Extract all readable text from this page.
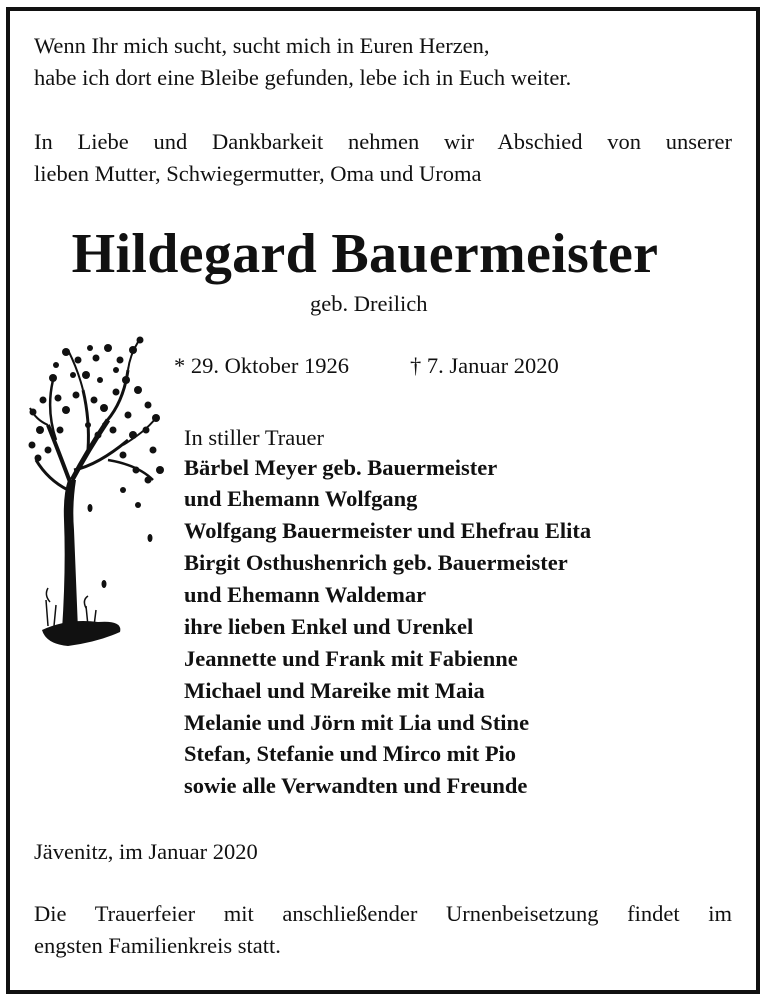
Wenn Ihr mich sucht, sucht mich in Euren Herzen,
habe ich dort eine Bleibe gefunden, lebe ich in Euch weiter.
In Liebe und Dankbarkeit nehmen wir Abschied von unserer
lieben Mutter, Schwiegermutter, Oma und Uroma
Hildegard Bauermeister
geb. Dreilich
* 29. Oktober 1926	† 7. Januar 2020
In stiller Trauer
Bärbel Meyer geb. Bauermeister
und Ehemann Wolfgang
Wolfgang Bauermeister und Ehefrau Elita
Birgit Osthushenrich geb. Bauermeister
und Ehemann Waldemar
ihre lieben Enkel und Urenkel
Jeannette und Frank mit Fabienne
Michael und Mareike mit Maia
Melanie und Jörn mit Lia und Stine
Stefan, Stefanie und Mirco mit Pio
sowie alle Verwandten und Freunde
Jävenitz, im Januar 2020
Die Trauerfeier mit anschließender Urnenbeisetzung findet im
engsten Familienkreis statt.
